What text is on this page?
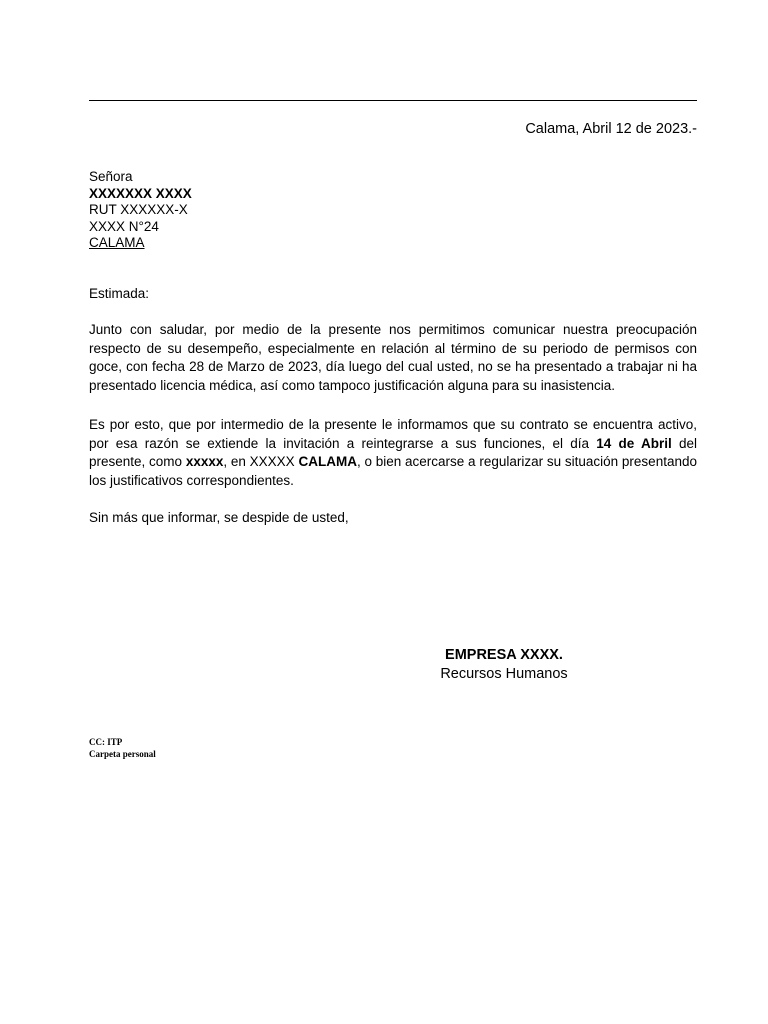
Calama, Abril 12 de 2023.-
Señora
XXXXXXX XXXX
RUT XXXXXX-X
XXXX N°24
CALAMA
Estimada:
Junto con saludar, por medio de la presente nos permitimos comunicar nuestra preocupación respecto de su desempeño, especialmente en relación al término de su periodo de permisos con goce, con fecha 28 de Marzo de 2023, día luego del cual usted, no se ha presentado a trabajar ni ha presentado licencia médica, así como tampoco justificación alguna para su inasistencia.
Es por esto, que por intermedio de la presente le informamos que su contrato se encuentra activo, por esa razón se extiende la invitación a reintegrarse a sus funciones, el día 14 de Abril del presente, como xxxxx, en XXXXX CALAMA, o bien acercarse a regularizar su situación presentando los justificativos correspondientes.
Sin más que informar, se despide de usted,
EMPRESA XXXX.
Recursos Humanos
CC: ITP
Carpeta personal
